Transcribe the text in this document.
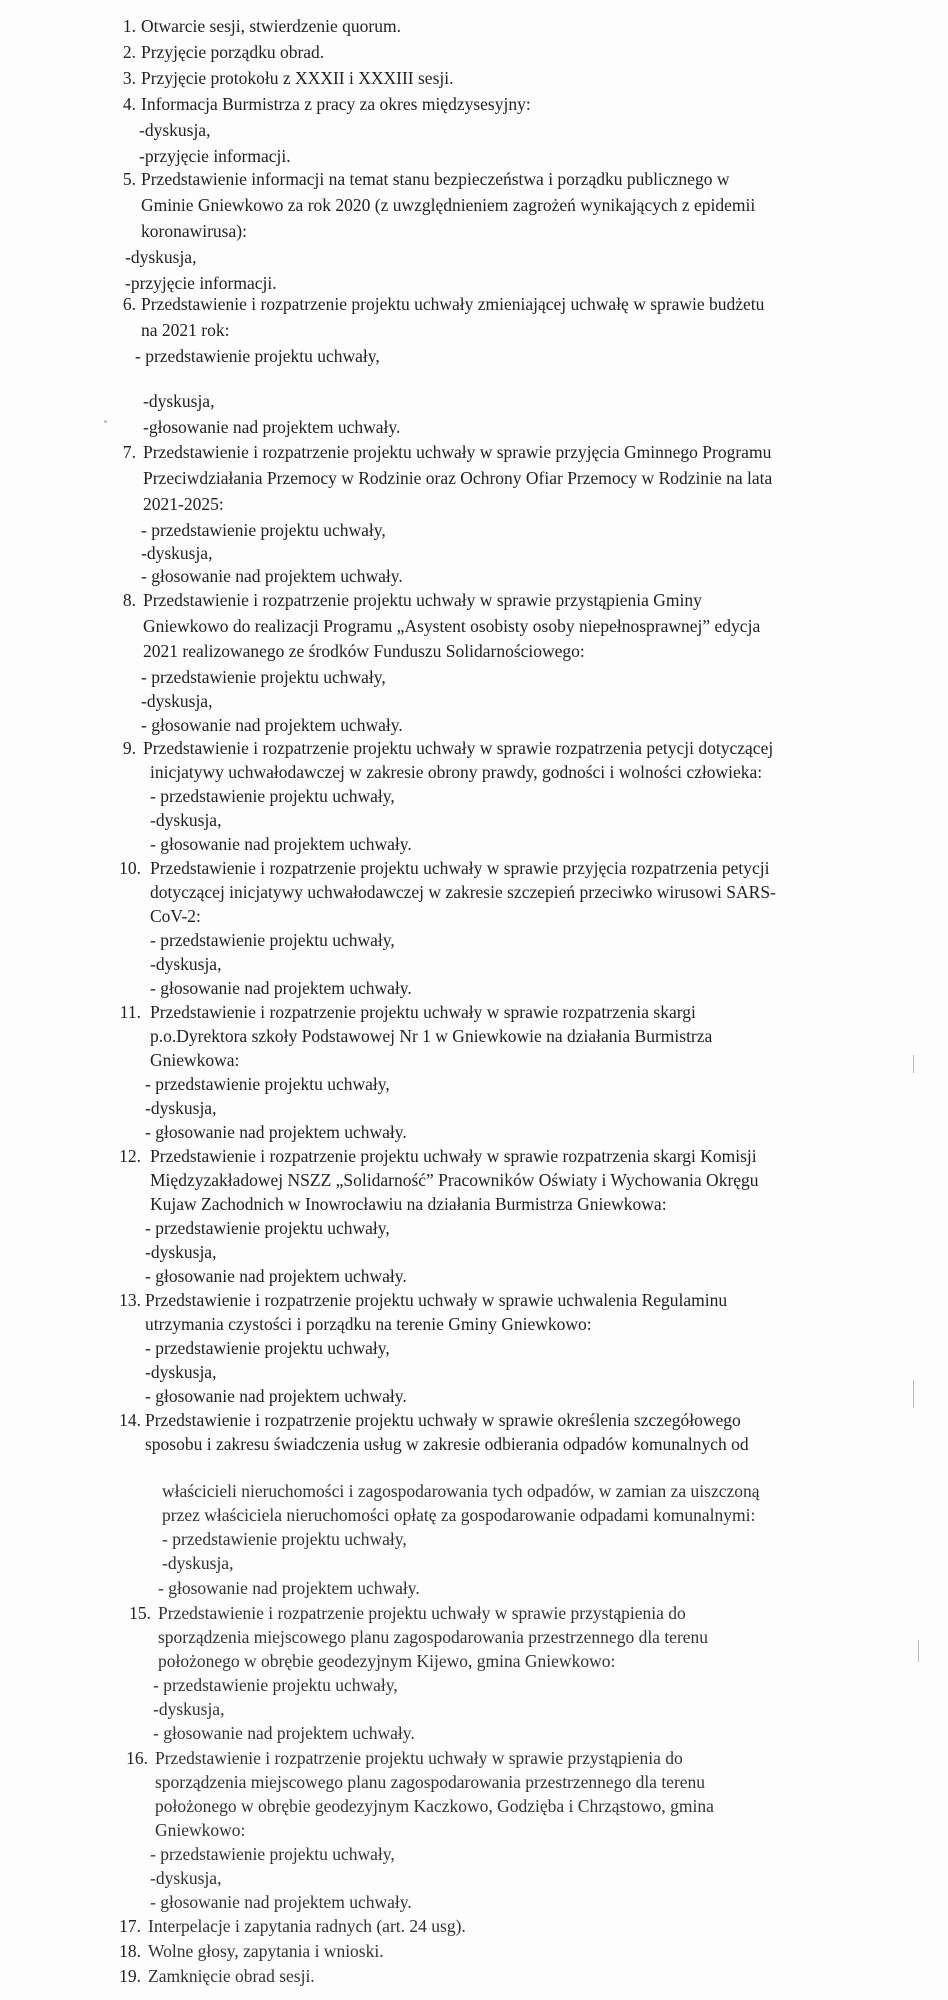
1. Otwarcie sesji, stwierdzenie quorum.
2. Przyjęcie porządku obrad.
3. Przyjęcie protokołu z XXXII i XXXIII sesji.
4. Informacja Burmistrza z pracy za okres międzysesyjny:
-dyskusja,
-przyjęcie informacji.
5. Przedstawienie informacji na temat stanu bezpieczeństwa i porządku publicznego w
Gminie Gniewkowo za rok 2020 (z uwzględnieniem zagrożeń wynikających z epidemii
koronawirusa):
-dyskusja,
-przyjęcie informacji.
6. Przedstawienie i rozpatrzenie projektu uchwały zmieniającej uchwałę w sprawie budżetu
na 2021 rok:
- przedstawienie projektu uchwały,
-dyskusja,
-głosowanie nad projektem uchwały.
7. Przedstawienie i rozpatrzenie projektu uchwały w sprawie przyjęcia Gminnego Programu
Przeciwdziałania Przemocy w Rodzinie oraz Ochrony Ofiar Przemocy w Rodzinie na lata
2021-2025:
- przedstawienie projektu uchwały,
-dyskusja,
- głosowanie nad projektem uchwały.
8. Przedstawienie i rozpatrzenie projektu uchwały w sprawie przystąpienia Gminy
Gniewkowo do realizacji Programu „Asystent osobisty osoby niepełnosprawnej” edycja
2021 realizowanego ze środków Funduszu Solidarnościowego:
- przedstawienie projektu uchwały,
-dyskusja,
- głosowanie nad projektem uchwały.
9. Przedstawienie i rozpatrzenie projektu uchwały w sprawie rozpatrzenia petycji dotyczącej
inicjatywy uchwałodawczej w zakresie obrony prawdy, godności i wolności człowieka:
- przedstawienie projektu uchwały,
-dyskusja,
- głosowanie nad projektem uchwały.
10. Przedstawienie i rozpatrzenie projektu uchwały w sprawie przyjęcia rozpatrzenia petycji
dotyczącej inicjatywy uchwałodawczej w zakresie szczepień przeciwko wirusowi SARS-
CoV-2:
- przedstawienie projektu uchwały,
-dyskusja,
- głosowanie nad projektem uchwały.
11. Przedstawienie i rozpatrzenie projektu uchwały w sprawie rozpatrzenia skargi
p.o.Dyrektora szkoły Podstawowej Nr 1 w Gniewkowie na działania Burmistrza
Gniewkowa:
- przedstawienie projektu uchwały,
-dyskusja,
- głosowanie nad projektem uchwały.
12. Przedstawienie i rozpatrzenie projektu uchwały w sprawie rozpatrzenia skargi Komisji
Międzyzakładowej NSZZ „Solidarność” Pracowników Oświaty i Wychowania Okręgu
Kujaw Zachodnich w Inowrocławiu na działania Burmistrza Gniewkowa:
- przedstawienie projektu uchwały,
-dyskusja,
- głosowanie nad projektem uchwały.
13. Przedstawienie i rozpatrzenie projektu uchwały w sprawie uchwalenia Regulaminu
utrzymania czystości i porządku na terenie Gminy Gniewkowo:
- przedstawienie projektu uchwały,
-dyskusja,
- głosowanie nad projektem uchwały.
14. Przedstawienie i rozpatrzenie projektu uchwały w sprawie określenia szczegółowego
sposobu i zakresu świadczenia usług w zakresie odbierania odpadów komunalnych od
właścicieli nieruchomości i zagospodarowania tych odpadów, w zamian za uiszczoną
przez właściciela nieruchomości opłatę za gospodarowanie odpadami komunalnymi:
- przedstawienie projektu uchwały,
-dyskusja,
- głosowanie nad projektem uchwały.
15. Przedstawienie i rozpatrzenie projektu uchwały w sprawie przystąpienia do
sporządzenia miejscowego planu zagospodarowania przestrzennego dla terenu
położonego w obrębie geodezyjnym Kijewo, gmina Gniewkowo:
- przedstawienie projektu uchwały,
-dyskusja,
- głosowanie nad projektem uchwały.
16. Przedstawienie i rozpatrzenie projektu uchwały w sprawie przystąpienia do
sporządzenia miejscowego planu zagospodarowania przestrzennego dla terenu
położonego w obrębie geodezyjnym Kaczkowo, Godzięba i Chrząstowo, gmina
Gniewkowo:
- przedstawienie projektu uchwały,
-dyskusja,
- głosowanie nad projektem uchwały.
17. Interpelacje i zapytania radnych (art. 24 usg).
18. Wolne głosy, zapytania i wnioski.
19. Zamknięcie obrad sesji.
